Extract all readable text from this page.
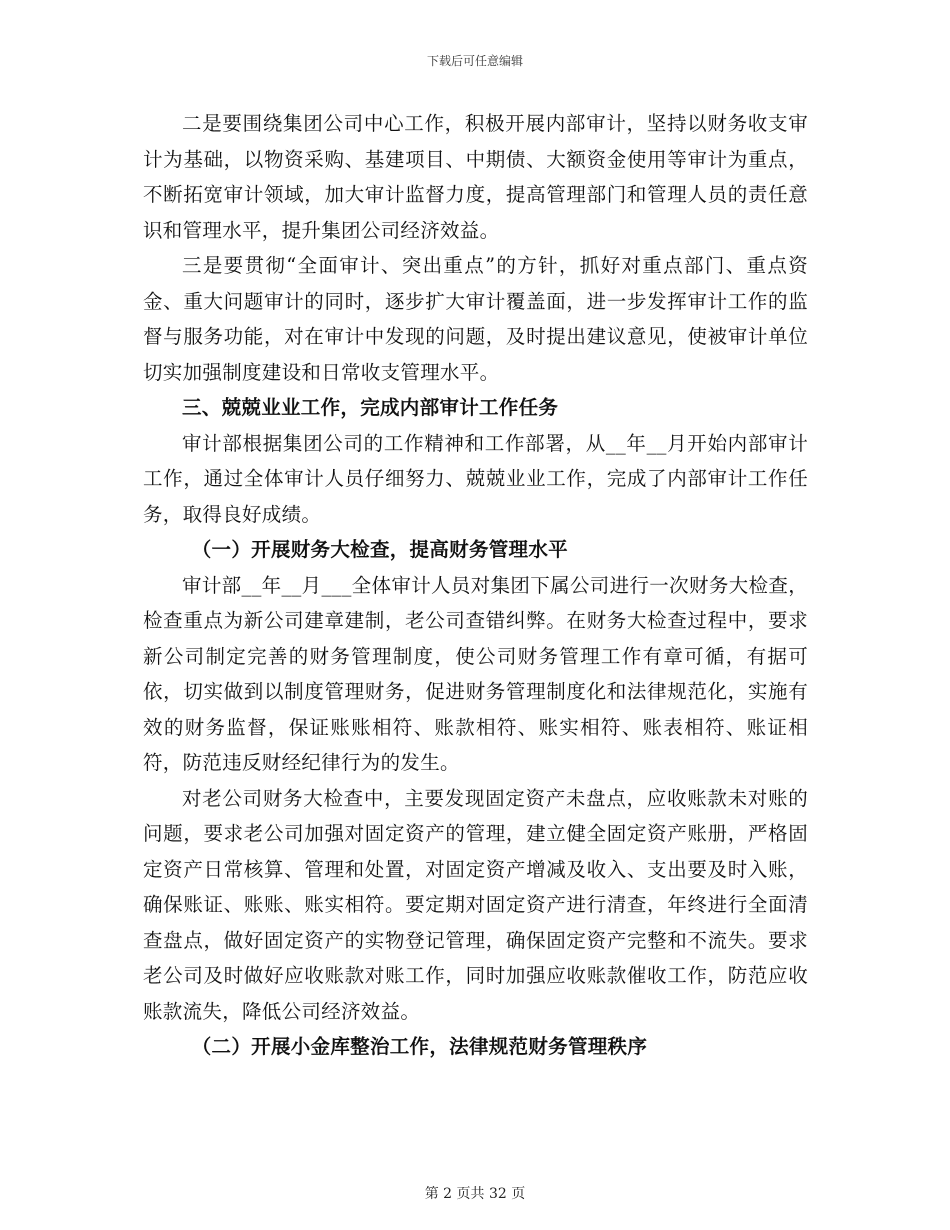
下载后可任意编辑

二是要围绕集团公司中心工作，积极开展内部审计，坚持以财务收支审计为基础，以物资采购、基建项目、中期债、大额资金使用等审计为重点，不断拓宽审计领域，加大审计监督力度，提高管理部门和管理人员的责任意识和管理水平，提升集团公司经济效益。

三是要贯彻“全面审计、突出重点”的方针，抓好对重点部门、重点资金、重大问题审计的同时，逐步扩大审计覆盖面，进一步发挥审计工作的监督与服务功能，对在审计中发现的问题，及时提出建议意见，使被审计单位切实加强制度建设和日常收支管理水平。

三、兢兢业业工作，完成内部审计工作任务

审计部根据集团公司的工作精神和工作部署，从__年__月开始内部审计工作，通过全体审计人员仔细努力、兢兢业业工作，完成了内部审计工作任务，取得良好成绩。

（一）开展财务大检查，提高财务管理水平

审计部__年__月___全体审计人员对集团下属公司进行一次财务大检查，检查重点为新公司建章建制，老公司查错纠弊。在财务大检查过程中，要求新公司制定完善的财务管理制度，使公司财务管理工作有章可循，有据可依，切实做到以制度管理财务，促进财务管理制度化和法律规范化，实施有效的财务监督，保证账账相符、账款相符、账实相符、账表相符、账证相符，防范违反财经纪律行为的发生。

对老公司财务大检查中，主要发现固定资产未盘点，应收账款未对账的问题，要求老公司加强对固定资产的管理，建立健全固定资产账册，严格固定资产日常核算、管理和处置，对固定资产增减及收入、支出要及时入账，确保账证、账账、账实相符。要定期对固定资产进行清查，年终进行全面清查盘点，做好固定资产的实物登记管理，确保固定资产完整和不流失。要求老公司及时做好应收账款对账工作，同时加强应收账款催收工作，防范应收账款流失，降低公司经济效益。

（二）开展小金库整治工作，法律规范财务管理秩序

第 2 页共 32 页
